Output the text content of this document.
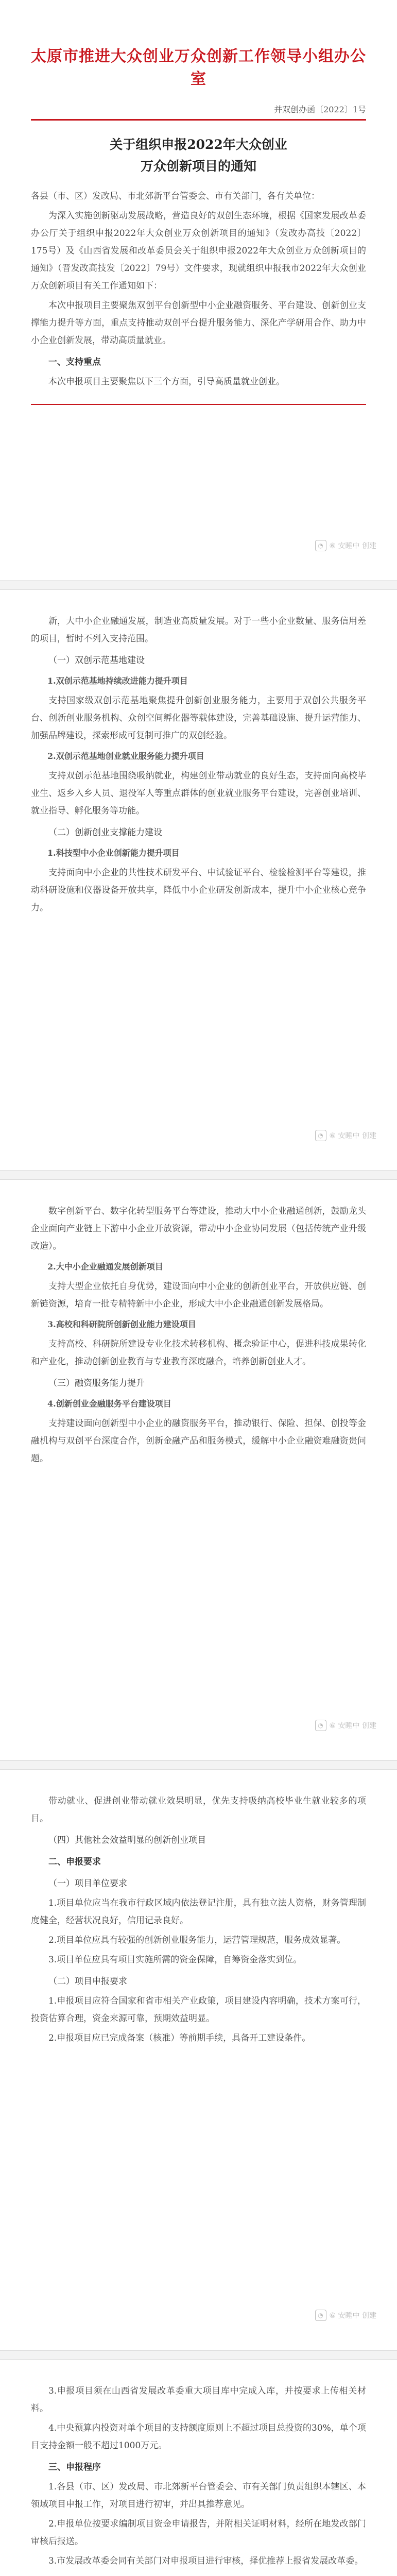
太原市推进大众创业万众创新工作领导小组办公室
并双创办函〔2022〕1号
关于组织申报2022年大众创业
万众创新项目的通知
各县（市、区）发改局、市北郊新平台管委会、市有关部门，各有关单位：
为深入实施创新驱动发展战略，营造良好的双创生态环境，根据《国家发展改革委办公厅关于组织申报2022年大众创业万众创新项目的通知》（发改办高技〔2022〕175号）及《山西省发展和改革委员会关于组织申报2022年大众创业万众创新项目的通知》（晋发改高技发〔2022〕79号）文件要求，现就组织申报我市2022年大众创业万众创新项目有关工作通知如下：
本次申报项目主要聚焦双创平台创新型中小企业融资服务、平台建设、创新创业支撑能力提升等方面，重点支持推动双创平台提升服务能力、深化产学研用合作、助力中小企业创新发展，带动高质量就业。
一、支持重点
本次申报项目主要聚焦以下三个方面，引导高质量就业创业。
◔ ⑥ 安睡中 创建
新，大中小企业融通发展，制造业高质量发展。对于一些小企业数量、服务信用差的项目，暂时不列入支持范围。
（一）双创示范基地建设
1.双创示范基地持续改进能力提升项目
支持国家级双创示范基地聚焦提升创新创业服务能力，主要用于双创公共服务平台、创新创业服务机构、众创空间孵化器等载体建设，完善基础设施、提升运营能力、加强品牌建设，探索形成可复制可推广的双创经验。
2.双创示范基地创业就业服务能力提升项目
支持双创示范基地围绕吸纳就业，构建创业带动就业的良好生态，支持面向高校毕业生、返乡入乡人员、退役军人等重点群体的创业就业服务平台建设，完善创业培训、就业指导、孵化服务等功能。
（二）创新创业支撑能力建设
1.科技型中小企业创新能力提升项目
支持面向中小企业的共性技术研发平台、中试验证平台、检验检测平台等建设，推动科研设施和仪器设备开放共享，降低中小企业研发创新成本，提升中小企业核心竞争力。
◔ ⑥ 安睡中 创建
数字创新平台、数字化转型服务平台等建设，推动大中小企业融通创新，鼓励龙头企业面向产业链上下游中小企业开放资源，带动中小企业协同发展（包括传统产业升级改造）。
2.大中小企业融通发展创新项目
支持大型企业依托自身优势，建设面向中小企业的创新创业平台，开放供应链、创新链资源，培育一批专精特新中小企业，形成大中小企业融通创新发展格局。
3.高校和科研院所创新创业能力建设项目
支持高校、科研院所建设专业化技术转移机构、概念验证中心，促进科技成果转化和产业化，推动创新创业教育与专业教育深度融合，培养创新创业人才。
（三）融资服务能力提升
4.创新创业金融服务平台建设项目
支持建设面向创新型中小企业的融资服务平台，推动银行、保险、担保、创投等金融机构与双创平台深度合作，创新金融产品和服务模式，缓解中小企业融资难融资贵问题。
◔ ⑥ 安睡中 创建
带动就业、促进创业带动就业效果明显，优先支持吸纳高校毕业生就业较多的项目。
（四）其他社会效益明显的创新创业项目
二、申报要求
（一）项目单位要求
1.项目单位应当在我市行政区域内依法登记注册，具有独立法人资格，财务管理制度健全，经营状况良好，信用记录良好。
2.项目单位应具有较强的创新创业服务能力，运营管理规范，服务成效显著。
3.项目单位应具有项目实施所需的资金保障，自筹资金落实到位。
（二）项目申报要求
1.申报项目应符合国家和省市相关产业政策，项目建设内容明确，技术方案可行，投资估算合理，资金来源可靠，预期效益明显。
2.申报项目应已完成备案（核准）等前期手续，具备开工建设条件。
◔ ⑥ 安睡中 创建
3.申报项目须在山西省发展改革委重大项目库中完成入库，并按要求上传相关材料。
4.中央预算内投资对单个项目的支持额度原则上不超过项目总投资的30%，单个项目支持金额一般不超过1000万元。
三、申报程序
1.各县（市、区）发改局、市北郊新平台管委会、市有关部门负责组织本辖区、本领域项目申报工作，对项目进行初审，并出具推荐意见。
2.申报单位按要求编制项目资金申请报告，并附相关证明材料，经所在地发改部门审核后报送。
3.市发展改革委会同有关部门对申报项目进行审核，择优推荐上报省发展改革委。
